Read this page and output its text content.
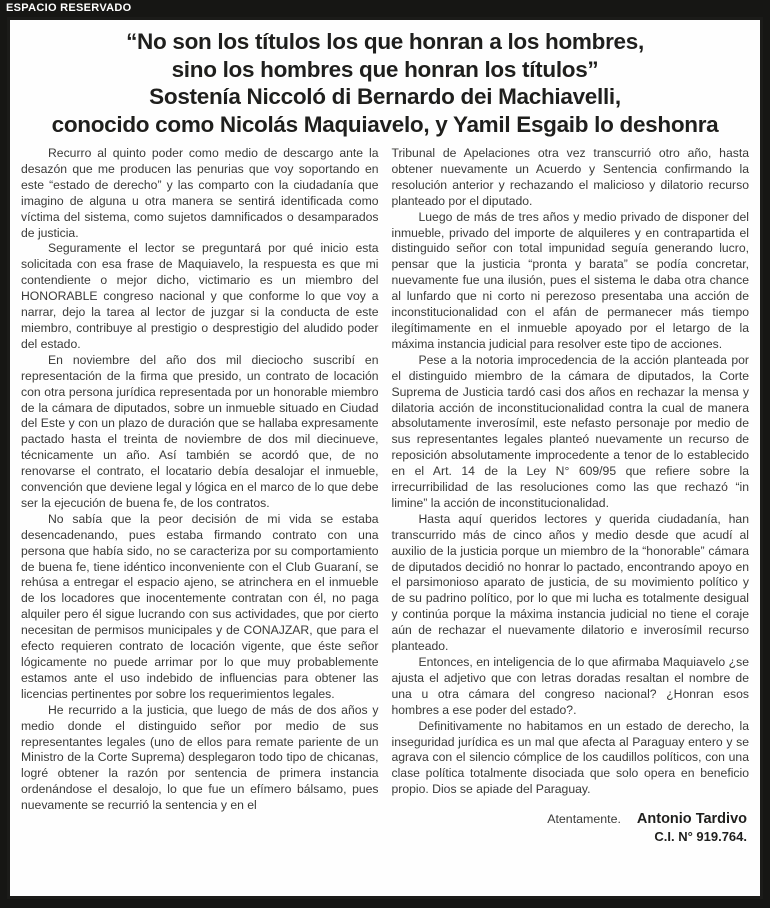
ESPACIO RESERVADO
“No son los títulos los que honran a los hombres,
sino los hombres que honran los títulos”
Sostenía Niccoló di Bernardo dei Machiavelli,
conocido como Nicolás Maquiavelo, y Yamil Esgaib lo deshonra

Recurro al quinto poder como medio de descargo ante la desazón que me producen las penurias que voy soportando en este “estado de derecho” y las comparto con la ciudadanía que imagino de alguna u otra manera se sentirá identificada como víctima del sistema, como sujetos damnificados o desamparados de justicia.

Seguramente el lector se preguntará por qué inicio esta solicitada con esa frase de Maquiavelo, la respuesta es que mi contendiente o mejor dicho, victimario es un miembro del HONORABLE congreso nacional y que conforme lo que voy a narrar, dejo la tarea al lector de juzgar si la conducta de este miembro, contribuye al prestigio o desprestigio del aludido poder del estado.

En noviembre del año dos mil dieciocho suscribí en representación de la firma que presido, un contrato de locación con otra persona jurídica representada por un honorable miembro de la cámara de diputados, sobre un inmueble situado en Ciudad del Este y con un plazo de duración que se hallaba expresamente pactado hasta el treinta de noviembre de dos mil diecinueve, técnicamente un año. Así también se acordó que, de no renovarse el contrato, el locatario debía desalojar el inmueble, convención que deviene legal y lógica en el marco de lo que debe ser la ejecución de buena fe, de los contratos.

No sabía que la peor decisión de mi vida se estaba desencadenando, pues estaba firmando contrato con una persona que había sido, no se caracteriza por su comportamiento de buena fe, tiene idéntico inconveniente con el Club Guaraní, se rehúsa a entregar el espacio ajeno, se atrinchera en el inmueble de los locadores que inocentemente contratan con él, no paga alquiler pero él sigue lucrando con sus actividades, que por cierto necesitan de permisos municipales y de CONAJZAR, que para el efecto requieren contrato de locación vigente, que éste señor lógicamente no puede arrimar por lo que muy probablemente estamos ante el uso indebido de influencias para obtener las licencias pertinentes por sobre los requerimientos legales.

He recurrido a la justicia, que luego de más de dos años y medio donde el distinguido señor por medio de sus representantes legales (uno de ellos para remate pariente de un Ministro de la Corte Suprema) desplegaron todo tipo de chicanas, logré obtener la razón por sentencia de primera instancia ordenándose el desalojo, lo que fue un efímero bálsamo, pues nuevamente se recurrió la sentencia y en el

Tribunal de Apelaciones otra vez transcurrió otro año, hasta obtener nuevamente un Acuerdo y Sentencia confirmando la resolución anterior y rechazando el malicioso y dilatorio recurso planteado por el diputado.

Luego de más de tres años y medio privado de disponer del inmueble, privado del importe de alquileres y en contrapartida el distinguido señor con total impunidad seguía generando lucro, pensar que la justicia “pronta y barata” se podía concretar, nuevamente fue una ilusión, pues el sistema le daba otra chance al lunfardo que ni corto ni perezoso presentaba una acción de inconstitucionalidad con el afán de permanecer más tiempo ilegítimamente en el inmueble apoyado por el letargo de la máxima instancia judicial para resolver este tipo de acciones.

Pese a la notoria improcedencia de la acción planteada por el distinguido miembro de la cámara de diputados, la Corte Suprema de Justicia tardó casi dos años en rechazar la mensa y dilatoria acción de inconstitucionalidad contra la cual de manera absolutamente inverosímil, este nefasto personaje por medio de sus representantes legales planteó nuevamente un recurso de reposición absolutamente improcedente a tenor de lo establecido en el Art. 14 de la Ley N° 609/95 que refiere sobre la irrecurribilidad de las resoluciones como las que rechazó “in limine” la acción de inconstitucionalidad.

Hasta aquí queridos lectores y querida ciudadanía, han transcurrido más de cinco años y medio desde que acudí al auxilio de la justicia porque un miembro de la “honorable” cámara de diputados decidió no honrar lo pactado, encontrando apoyo en el parsimonioso aparato de justicia, de su movimiento político y de su padrino político, por lo que mi lucha es totalmente desigual y continúa porque la máxima instancia judicial no tiene el coraje aún de rechazar el nuevamente dilatorio e inverosímil recurso planteado.

Entonces, en inteligencia de lo que afirmaba Maquiavelo ¿se ajusta el adjetivo que con letras doradas resaltan el nombre de una u otra cámara del congreso nacional? ¿Honran esos hombres a ese poder del estado?.

Definitivamente no habitamos en un estado de derecho, la inseguridad jurídica es un mal que afecta al Paraguay entero y se agrava con el silencio cómplice de los caudillos políticos, con una clase política totalmente disociada que solo opera en beneficio propio. Dios se apiade del Paraguay.

Atentamente. Antonio Tardivo
C.I. N° 919.764.
